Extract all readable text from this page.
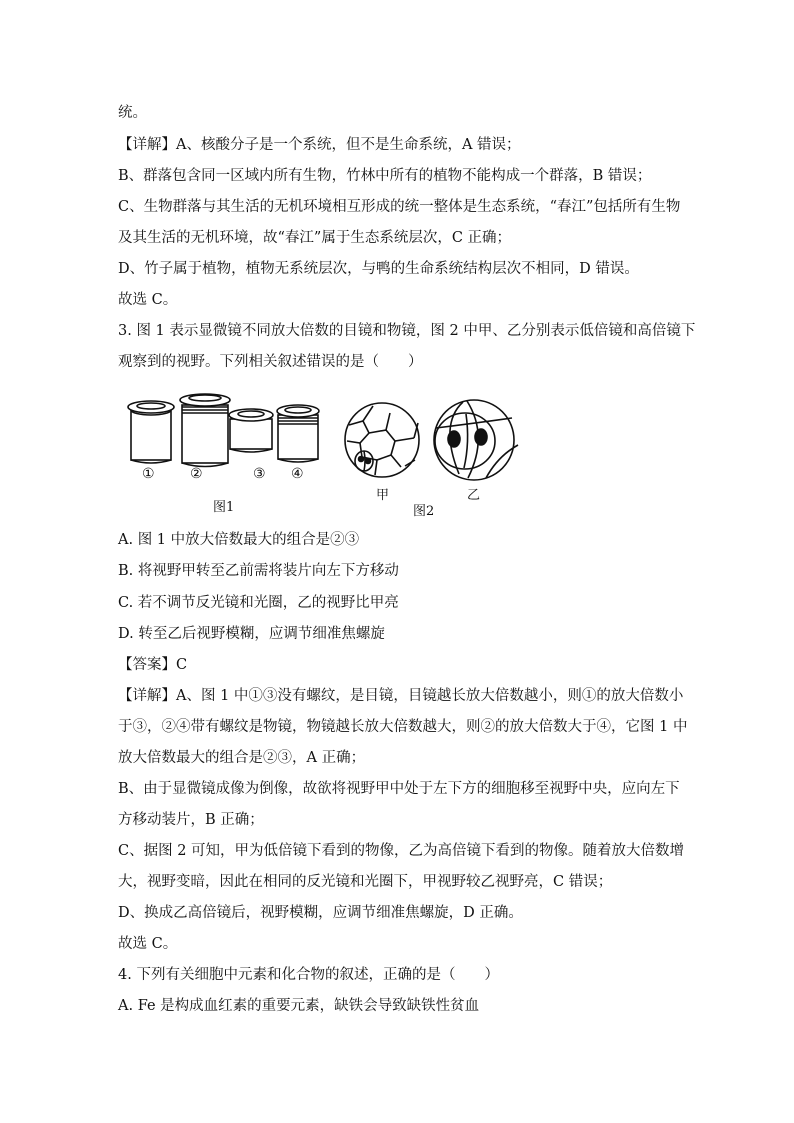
统。
【详解】A、核酸分子是一个系统，但不是生命系统，A 错误；
B、群落包含同一区域内所有生物，竹林中所有的植物不能构成一个群落，B 错误；
C、生物群落与其生活的无机环境相互形成的统一整体是生态系统，“春江”包括所有生物
及其生活的无机环境，故“春江”属于生态系统层次，C 正确；
D、竹子属于植物，植物无系统层次，与鸭的生命系统结构层次不相同，D 错误。
故选 C。
3. 图 1 表示显微镜不同放大倍数的目镜和物镜，图 2 中甲、乙分别表示低倍镜和高倍镜下
观察到的视野。下列相关叙述错误的是（　　）
①	②	③ ④
图1
甲	乙
图2
A. 图 1 中放大倍数最大的组合是②③
B. 将视野甲转至乙前需将装片向左下方移动
C. 若不调节反光镜和光圈，乙的视野比甲亮
D. 转至乙后视野模糊，应调节细准焦螺旋
【答案】C
【详解】A、图 1 中①③没有螺纹，是目镜，目镜越长放大倍数越小，则①的放大倍数小
于③，②④带有螺纹是物镜，物镜越长放大倍数越大，则②的放大倍数大于④，它图 1 中
放大倍数最大的组合是②③，A 正确；
B、由于显微镜成像为倒像，故欲将视野甲中处于左下方的细胞移至视野中央，应向左下
方移动装片，B 正确；
C、据图 2 可知，甲为低倍镜下看到的物像，乙为高倍镜下看到的物像。随着放大倍数增
大，视野变暗，因此在相同的反光镜和光圈下，甲视野较乙视野亮，C 错误；
D、换成乙高倍镜后，视野模糊，应调节细准焦螺旋，D 正确。
故选 C。
4. 下列有关细胞中元素和化合物的叙述，正确的是（　　）
A. Fe 是构成血红素的重要元素，缺铁会导致缺铁性贫血
